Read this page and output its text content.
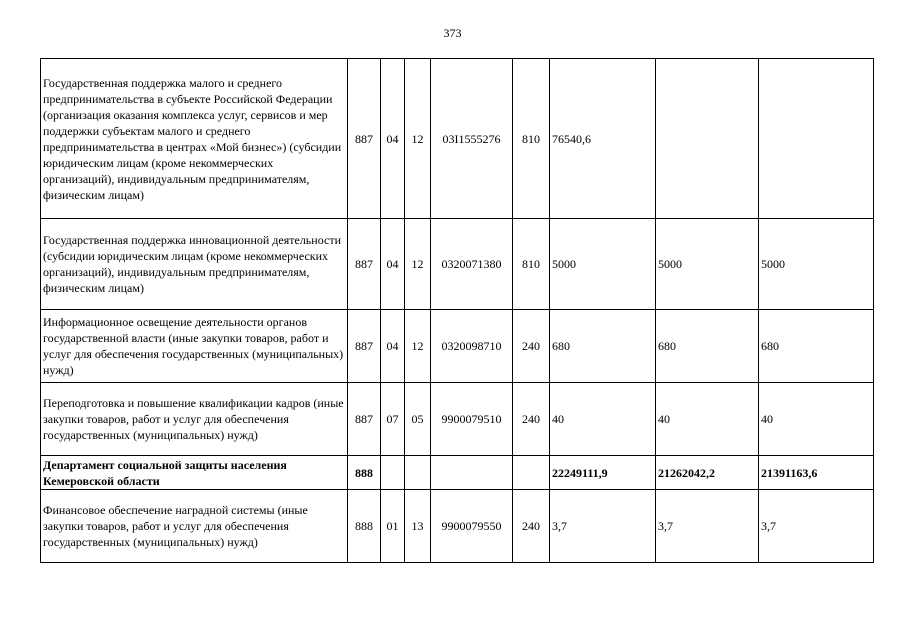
373
Государственная поддержка малого и среднего предпринимательства в субъекте Российской Федерации (организация оказания комплекса услуг, сервисов и мер поддержки субъектам малого и среднего предпринимательства в центрах «Мой бизнес») (субсидии юридическим лицам (кроме некоммерческих организаций), индивидуальным предпринимателям, физическим лицам)	887	04	12	03I1555276	810	76540,6		
Государственная поддержка инновационной деятельности (субсидии юридическим лицам (кроме некоммерческих организаций), индивидуальным предпринимателям, физическим лицам)	887	04	12	0320071380	810	5000	5000	5000
Информационное освещение деятельности органов государственной власти (иные закупки товаров, работ и услуг для обеспечения государственных (муниципальных) нужд)	887	04	12	0320098710	240	680	680	680
Переподготовка и повышение квалификации кадров (иные закупки товаров, работ и услуг для обеспечения государственных (муниципальных) нужд)	887	07	05	9900079510	240	40	40	40
Департамент социальной защиты населения Кемеровской области	888					22249111,9	21262042,2	21391163,6
Финансовое обеспечение наградной системы (иные закупки товаров, работ и услуг для обеспечения государственных (муниципальных) нужд)	888	01	13	9900079550	240	3,7	3,7	3,7
